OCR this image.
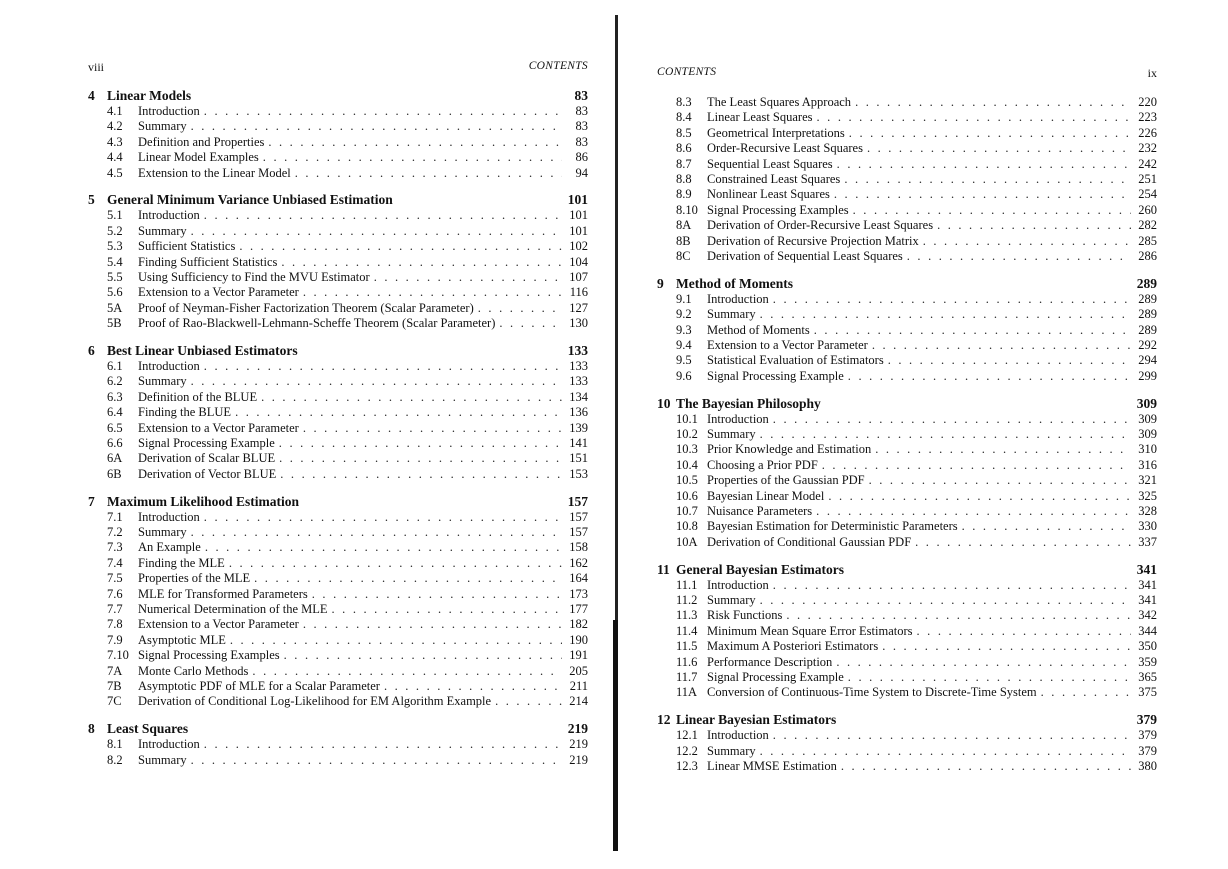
viii	CONTENTS
4 Linear Models	83
4.1	Introduction . . .	83
4.2	Summary . . .	83
4.3	Definition and Properties . . .	83
4.4	Linear Model Examples . . .	86
4.5	Extension to the Linear Model . . .	94
5 General Minimum Variance Unbiased Estimation	101
5.1	Introduction . . .	101
5.2	Summary . . .	101
5.3	Sufficient Statistics . . .	102
5.4	Finding Sufficient Statistics . . .	104
5.5	Using Sufficiency to Find the MVU Estimator . . .	107
5.6	Extension to a Vector Parameter . . .	116
5A	Proof of Neyman-Fisher Factorization Theorem (Scalar Parameter) . . .	127
5B	Proof of Rao-Blackwell-Lehmann-Scheffe Theorem (Scalar Parameter) . . .	130
6 Best Linear Unbiased Estimators	133
6.1	Introduction . . .	133
6.2	Summary . . .	133
6.3	Definition of the BLUE . . .	134
6.4	Finding the BLUE . . .	136
6.5	Extension to a Vector Parameter . . .	139
6.6	Signal Processing Example . . .	141
6A	Derivation of Scalar BLUE . . .	151
6B	Derivation of Vector BLUE . . .	153
7 Maximum Likelihood Estimation	157
7.1	Introduction . . .	157
7.2	Summary . . .	157
7.3	An Example . . .	158
7.4	Finding the MLE . . .	162
7.5	Properties of the MLE . . .	164
7.6	MLE for Transformed Parameters . . .	173
7.7	Numerical Determination of the MLE . . .	177
7.8	Extension to a Vector Parameter . . .	182
7.9	Asymptotic MLE . . .	190
7.10 Signal Processing Examples . . .	191
7A	Monte Carlo Methods . . .	205
7B	Asymptotic PDF of MLE for a Scalar Parameter . . .	211
7C	Derivation of Conditional Log-Likelihood for EM Algorithm Example . . .	214
8 Least Squares	219
8.1	Introduction . . .	219
8.2	Summary . . .	219
CONTENTS	ix
8.3	The Least Squares Approach . . .	220
8.4	Linear Least Squares . . .	223
8.5	Geometrical Interpretations . . .	226
8.6	Order-Recursive Least Squares . . .	232
8.7	Sequential Least Squares . . .	242
8.8	Constrained Least Squares . . .	251
8.9	Nonlinear Least Squares . . .	254
8.10 Signal Processing Examples . . .	260
8A	Derivation of Order-Recursive Least Squares . . .	282
8B	Derivation of Recursive Projection Matrix . . .	285
8C	Derivation of Sequential Least Squares . . .	286
9 Method of Moments	289
9.1	Introduction . . .	289
9.2	Summary . . .	289
9.3	Method of Moments . . .	289
9.4	Extension to a Vector Parameter . . .	292
9.5	Statistical Evaluation of Estimators . . .	294
9.6	Signal Processing Example . . .	299
10 The Bayesian Philosophy	309
10.1 Introduction . . .	309
10.2 Summary . . .	309
10.3 Prior Knowledge and Estimation . . .	310
10.4 Choosing a Prior PDF . . .	316
10.5 Properties of the Gaussian PDF . . .	321
10.6 Bayesian Linear Model . . .	325
10.7 Nuisance Parameters . . .	328
10.8 Bayesian Estimation for Deterministic Parameters . . .	330
10A Derivation of Conditional Gaussian PDF . . .	337
11 General Bayesian Estimators	341
11.1 Introduction . . .	341
11.2 Summary . . .	341
11.3 Risk Functions . . .	342
11.4 Minimum Mean Square Error Estimators . . .	344
11.5 Maximum A Posteriori Estimators . . .	350
11.6 Performance Description . . .	359
11.7 Signal Processing Example . . .	365
11A Conversion of Continuous-Time System to Discrete-Time System . . .	375
12 Linear Bayesian Estimators	379
12.1 Introduction . . .	379
12.2 Summary . . .	379
12.3 Linear MMSE Estimation . . .	380
